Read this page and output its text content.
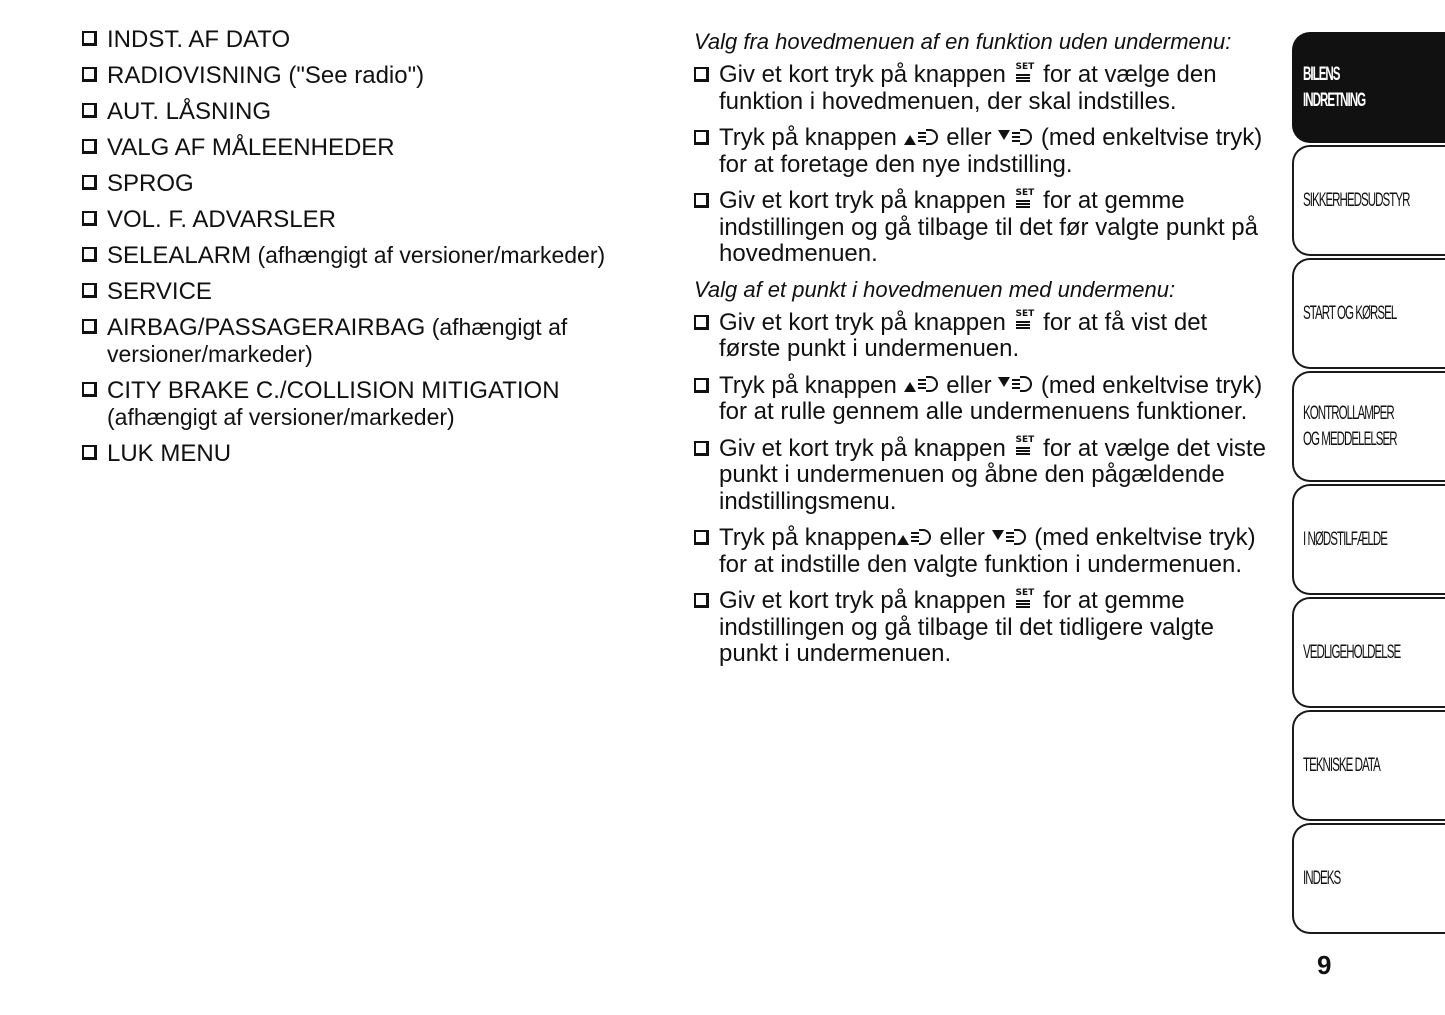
INDST. AF DATO
RADIOVISNING ("See radio")
AUT. LÅSNING
VALG AF MÅLEENHEDER
SPROG
VOL. F. ADVARSLER
SELEALARM (afhængigt af versioner/markeder)
SERVICE
AIRBAG/PASSAGERAIRBAG (afhængigt af versioner/markeder)
CITY BRAKE C./COLLISION MITIGATION (afhængigt af versioner/markeder)
LUK MENU
Valg fra hovedmenuen af en funktion uden undermenu:
Giv et kort tryk på knappen SET for at vælge den funktion i hovedmenuen, der skal indstilles.
Tryk på knappen
eller
(med enkeltvise tryk) for at foretage den nye indstilling.
Giv et kort tryk på knappen SET for at gemme indstillingen og gå tilbage til det før valgte punkt på hovedmenuen.
Valg af et punkt i hovedmenuen med undermenu:
Giv et kort tryk på knappen SET for at få vist det første punkt i undermenuen.
Tryk på knappen
eller
(med enkeltvise tryk) for at rulle gennem alle undermenuens funktioner.
Giv et kort tryk på knappen SET for at vælge det viste punkt i undermenuen og åbne den pågældende indstillingsmenu.
Tryk på knappen
eller
(med enkeltvise tryk) for at indstille den valgte funktion i undermenuen.
Giv et kort tryk på knappen SET for at gemme indstillingen og gå tilbage til det tidligere valgte punkt i undermenuen.
BILENS
INDRETNING
SIKKERHEDSUDSTYR
START OG KØRSEL
KONTROLLAMPER
OG MEDDELELSER
I NØDSTILFÆLDE
VEDLIGEHOLDELSE
TEKNISKE DATA
INDEKS
9
